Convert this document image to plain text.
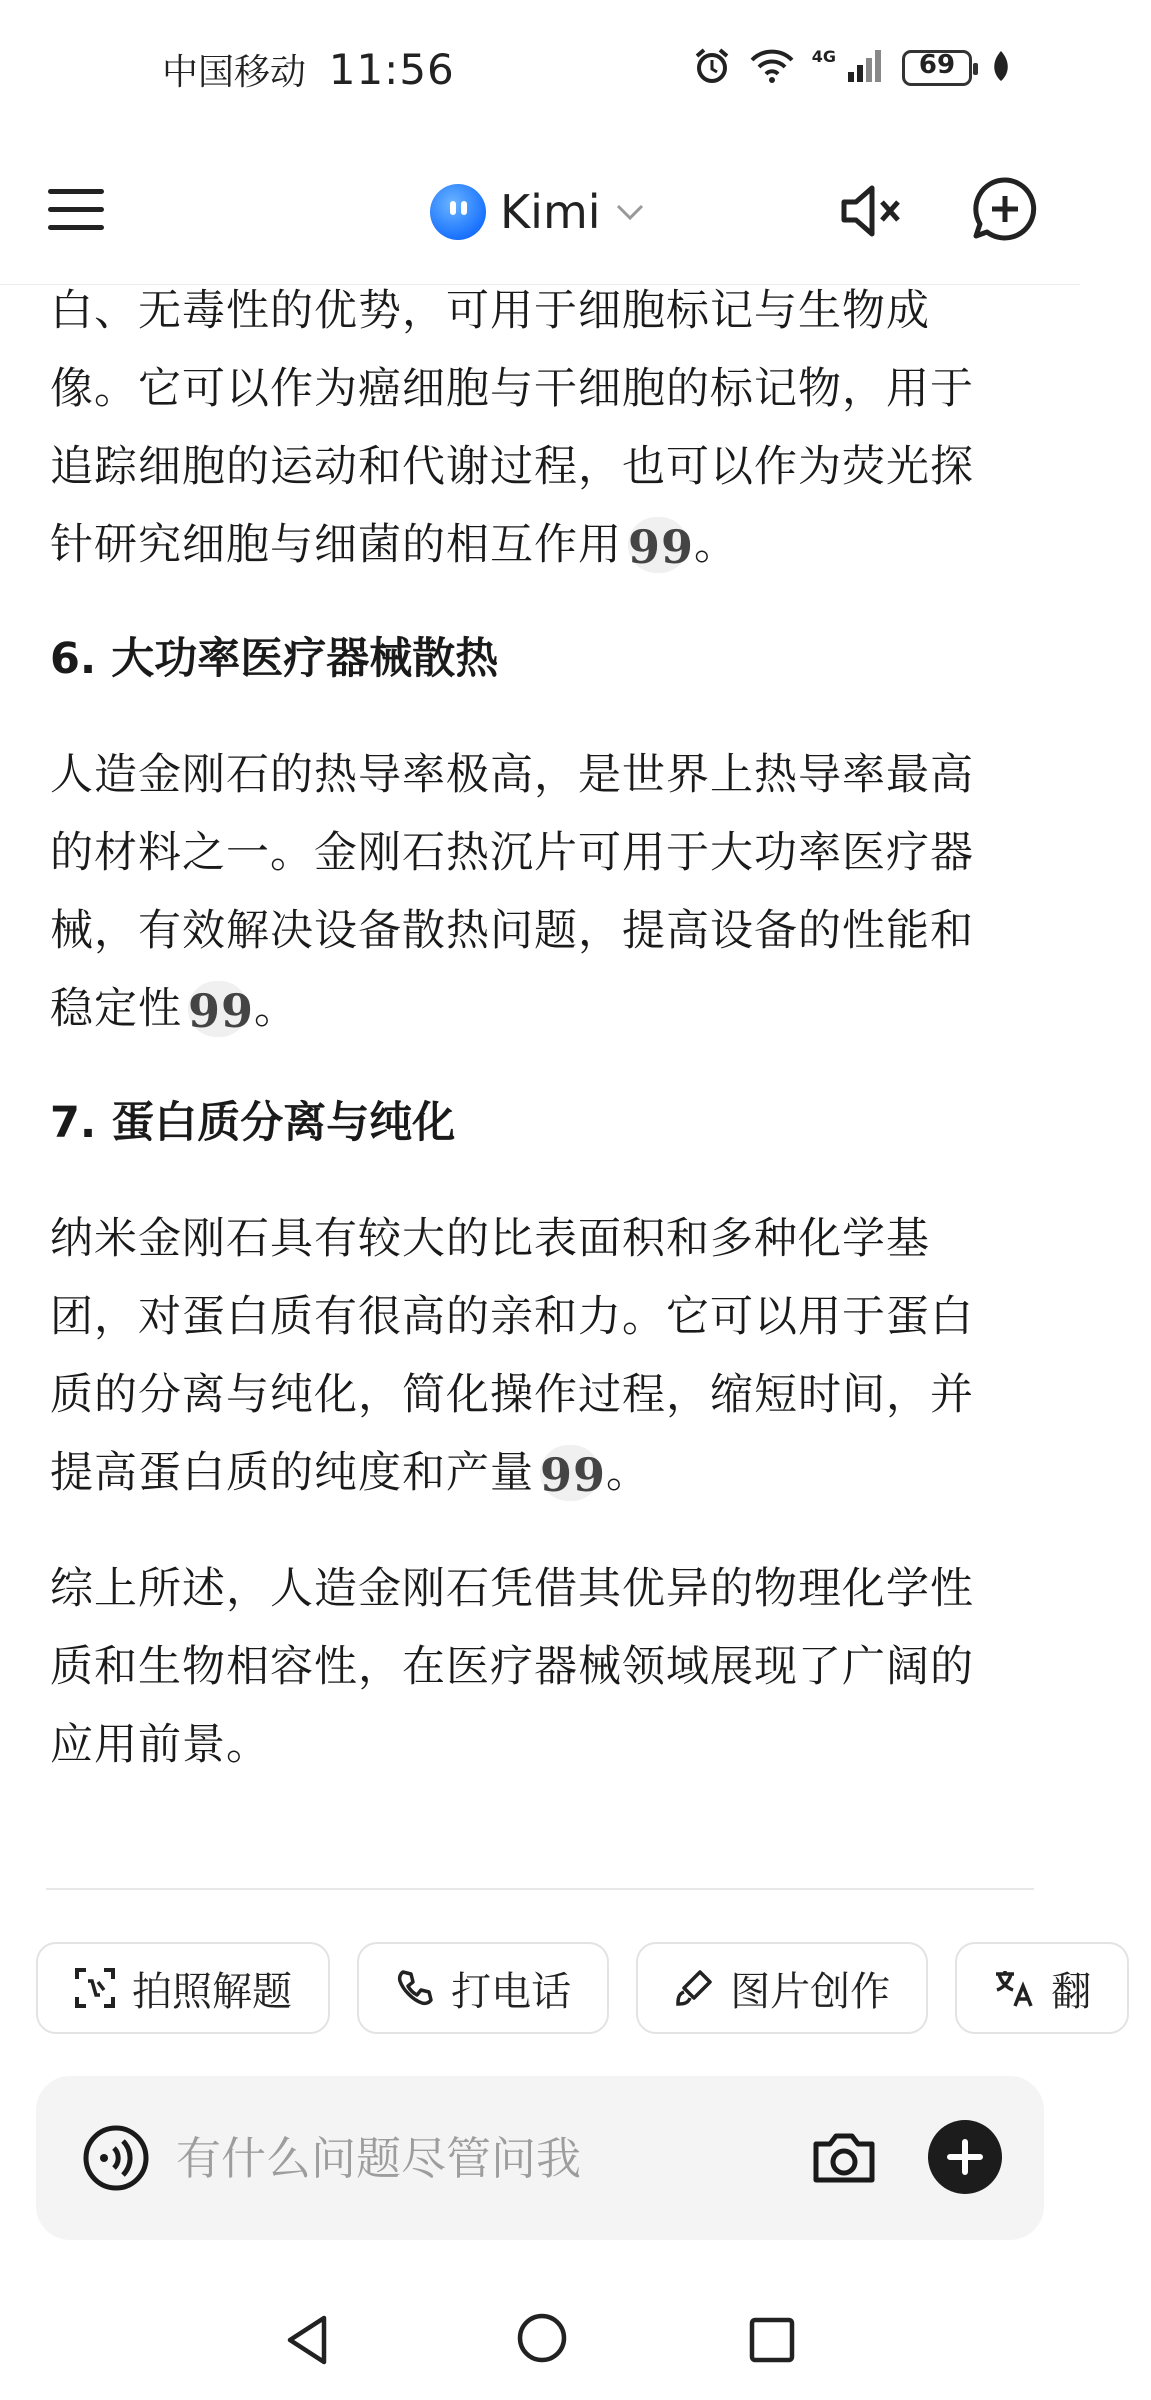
中国移动 11:56	4G	69
Kimi

白、无毒性的优势，可用于细胞标记与生物成像。它可以作为癌细胞与干细胞的标记物，用于追踪细胞的运动和代谢过程，也可以作为荧光探针研究细胞与细菌的相互作用 99。

6. 大功率医疗器械散热

人造金刚石的热导率极高，是世界上热导率最高的材料之一。金刚石热沉片可用于大功率医疗器械，有效解决设备散热问题，提高设备的性能和稳定性 99。

7. 蛋白质分离与纯化

纳米金刚石具有较大的比表面积和多种化学基团，对蛋白质有很高的亲和力。它可以用于蛋白质的分离与纯化，简化操作过程，缩短时间，并提高蛋白质的纯度和产量 99。

综上所述，人造金刚石凭借其优异的物理化学性质和生物相容性，在医疗器械领域展现了广阔的应用前景。

拍照解题
	打电话
	图片创作
	翻
有什么问题尽管问我
